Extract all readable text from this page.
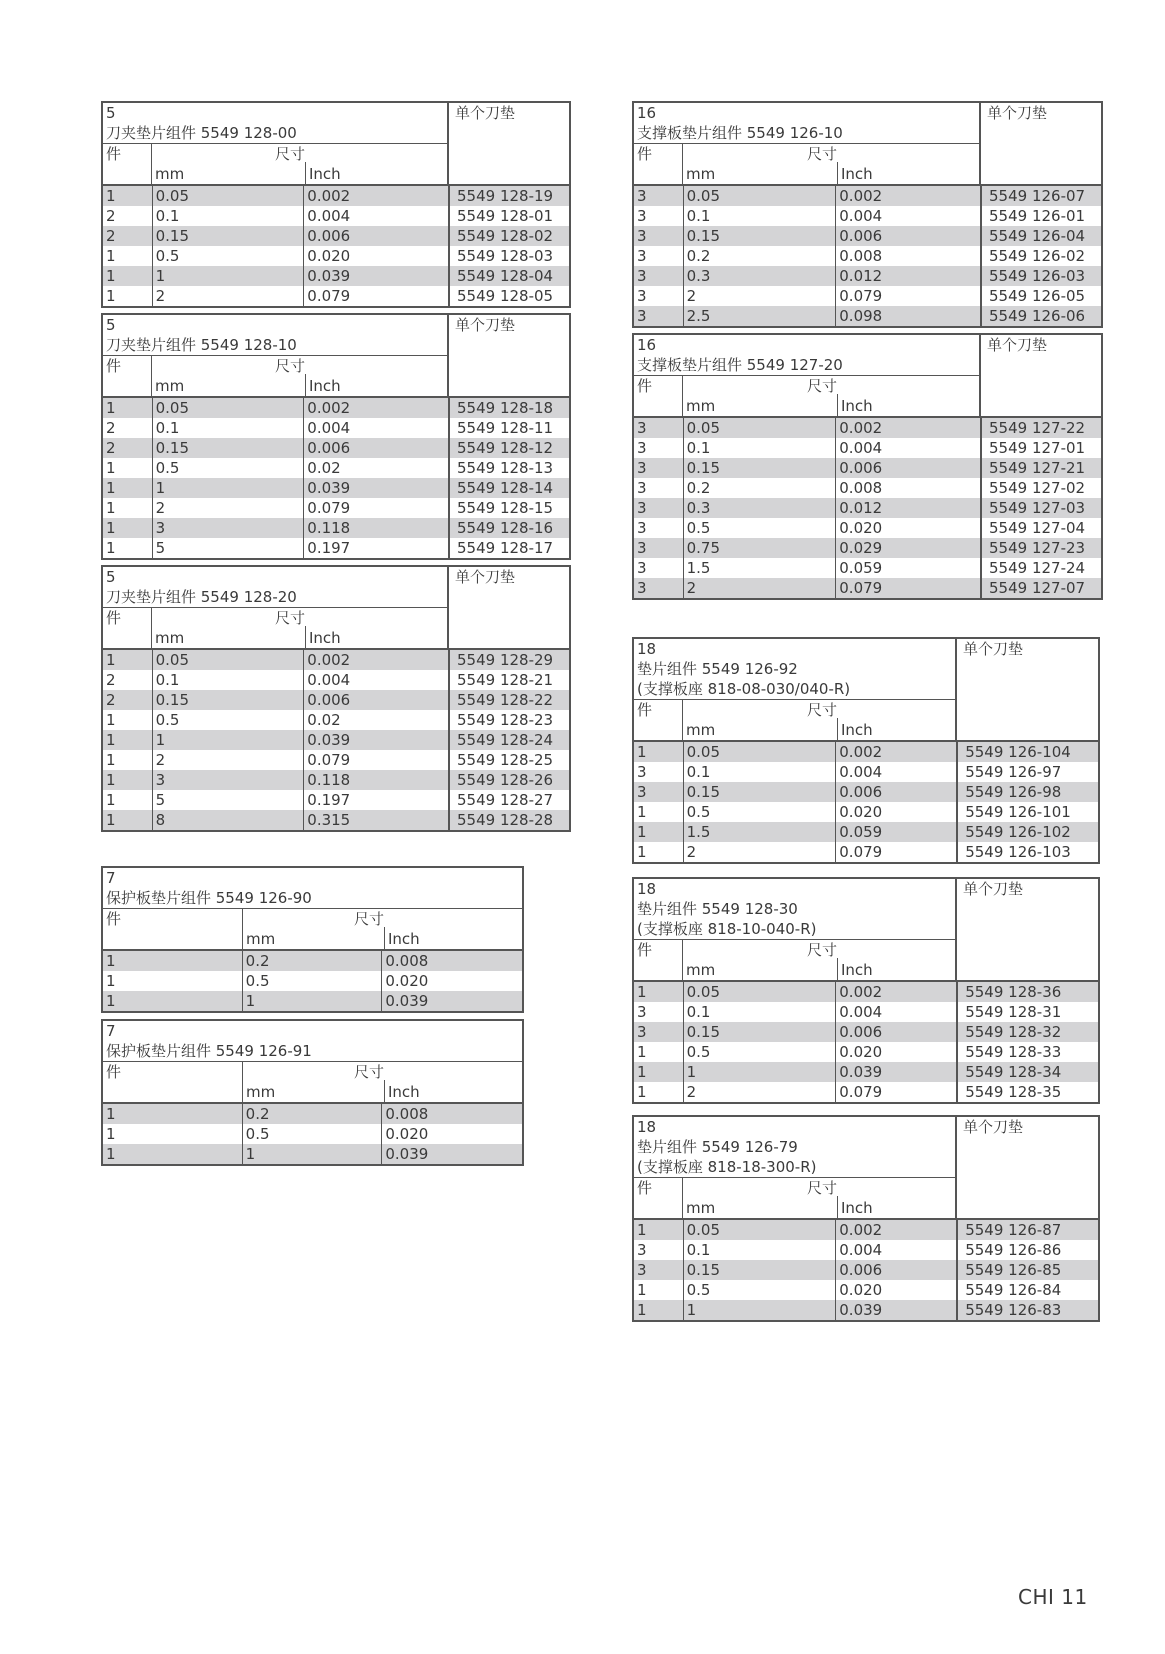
5
刀夹垫片组件 5549 128-00
件	尺寸
mm	Inch
单个刀垫
1	0.05	0.002	5549 128-19
2	0.1	0.004	5549 128-01
2	0.15	0.006	5549 128-02
1	0.5	0.020	5549 128-03
1	1	0.039	5549 128-04
1	2	0.079	5549 128-05
5
刀夹垫片组件 5549 128-10
件	尺寸
mm	Inch
单个刀垫
1	0.05	0.002	5549 128-18
2	0.1	0.004	5549 128-11
2	0.15	0.006	5549 128-12
1	0.5	0.02	5549 128-13
1	1	0.039	5549 128-14
1	2	0.079	5549 128-15
1	3	0.118	5549 128-16
1	5	0.197	5549 128-17
5
刀夹垫片组件 5549 128-20
件	尺寸
mm	Inch
单个刀垫
1	0.05	0.002	5549 128-29
2	0.1	0.004	5549 128-21
2	0.15	0.006	5549 128-22
1	0.5	0.02	5549 128-23
1	1	0.039	5549 128-24
1	2	0.079	5549 128-25
1	3	0.118	5549 128-26
1	5	0.197	5549 128-27
1	8	0.315	5549 128-28
7
保护板垫片组件 5549 126-90
件	尺寸
mm	Inch
1	0.2	0.008
1	0.5	0.020
1	1	0.039
7
保护板垫片组件 5549 126-91
件	尺寸
mm	Inch
1	0.2	0.008
1	0.5	0.020
1	1	0.039
16
支撑板垫片组件 5549 126-10
件	尺寸
mm	Inch
单个刀垫
3	0.05	0.002	5549 126-07
3	0.1	0.004	5549 126-01
3	0.15	0.006	5549 126-04
3	0.2	0.008	5549 126-02
3	0.3	0.012	5549 126-03
3	2	0.079	5549 126-05
3	2.5	0.098	5549 126-06
16
支撑板垫片组件 5549 127-20
件	尺寸
mm	Inch
单个刀垫
3	0.05	0.002	5549 127-22
3	0.1	0.004	5549 127-01
3	0.15	0.006	5549 127-21
3	0.2	0.008	5549 127-02
3	0.3	0.012	5549 127-03
3	0.5	0.020	5549 127-04
3	0.75	0.029	5549 127-23
3	1.5	0.059	5549 127-24
3	2	0.079	5549 127-07
18
垫片组件 5549 126-92
(支撑板座 818-08-030/040-R)
件	尺寸
mm	Inch
单个刀垫
1	0.05	0.002	5549 126-104
3	0.1	0.004	5549 126-97
3	0.15	0.006	5549 126-98
1	0.5	0.020	5549 126-101
1	1.5	0.059	5549 126-102
1	2	0.079	5549 126-103
18
垫片组件 5549 128-30
(支撑板座 818-10-040-R)
件	尺寸
mm	Inch
单个刀垫
1	0.05	0.002	5549 128-36
3	0.1	0.004	5549 128-31
3	0.15	0.006	5549 128-32
1	0.5	0.020	5549 128-33
1	1	0.039	5549 128-34
1	2	0.079	5549 128-35
18
垫片组件 5549 126-79
(支撑板座 818-18-300-R)
件	尺寸
mm	Inch
单个刀垫
1	0.05	0.002	5549 126-87
3	0.1	0.004	5549 126-86
3	0.15	0.006	5549 126-85
1	0.5	0.020	5549 126-84
1	1	0.039	5549 126-83
CHI 11
